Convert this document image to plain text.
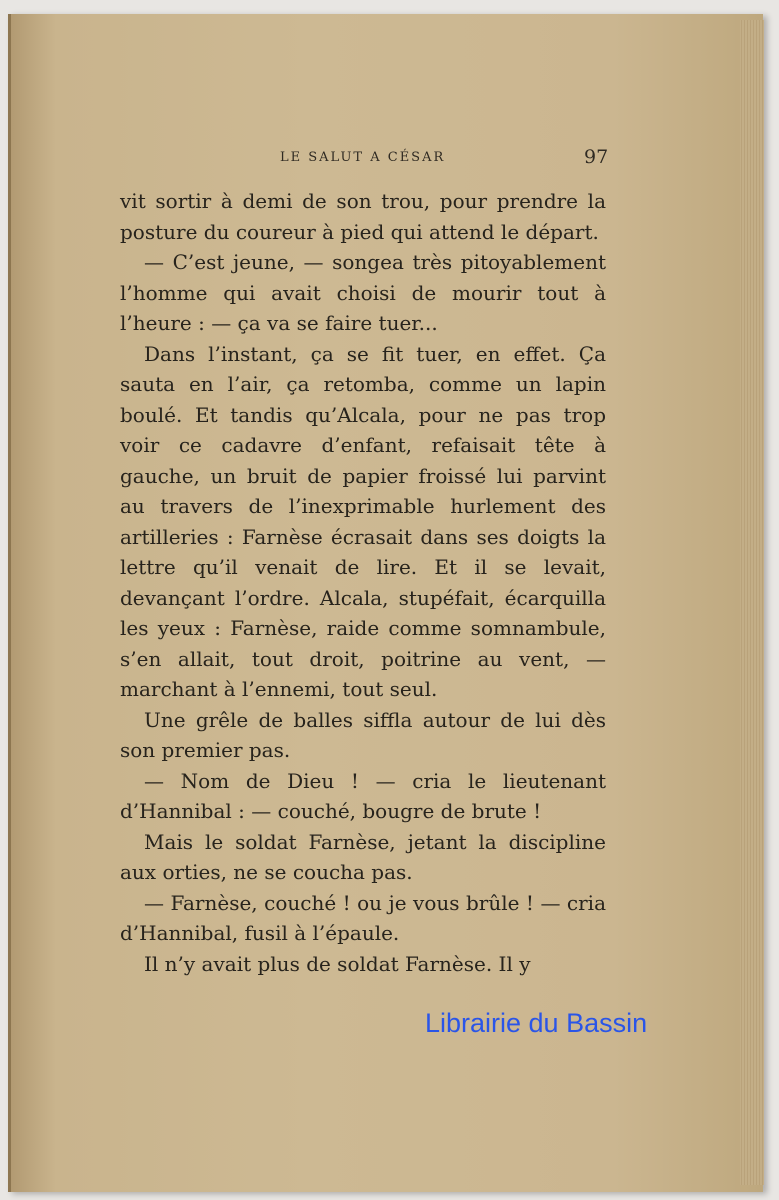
LE SALUT A CÉSAR	97

vit sortir à demi de son trou, pour prendre la posture du coureur à pied qui attend le départ.

— C’est jeune, — songea très pitoyablement l’homme qui avait choisi de mourir tout à l’heure : — ça va se faire tuer...

Dans l’instant, ça se fit tuer, en effet. Ça sauta en l’air, ça retomba, comme un lapin boulé. Et tandis qu’Alcala, pour ne pas trop voir ce cadavre d’enfant, refaisait tête à gauche, un bruit de papier froissé lui parvint au travers de l’inexprimable hurlement des artilleries : Farnèse écrasait dans ses doigts la lettre qu’il venait de lire. Et il se levait, devançant l’ordre. Alcala, stupéfait, écarquilla les yeux : Farnèse, raide comme somnambule, s’en allait, tout droit, poitrine au vent, — marchant à l’ennemi, tout seul.

Une grêle de balles siffla autour de lui dès son premier pas.

— Nom de Dieu ! — cria le lieutenant d’Hannibal : — couché, bougre de brute !

Mais le soldat Farnèse, jetant la discipline aux orties, ne se coucha pas.

— Farnèse, couché ! ou je vous brûle ! — cria d’Hannibal, fusil à l’épaule.

Il n’y avait plus de soldat Farnèse. Il y

Librairie du Bassin
